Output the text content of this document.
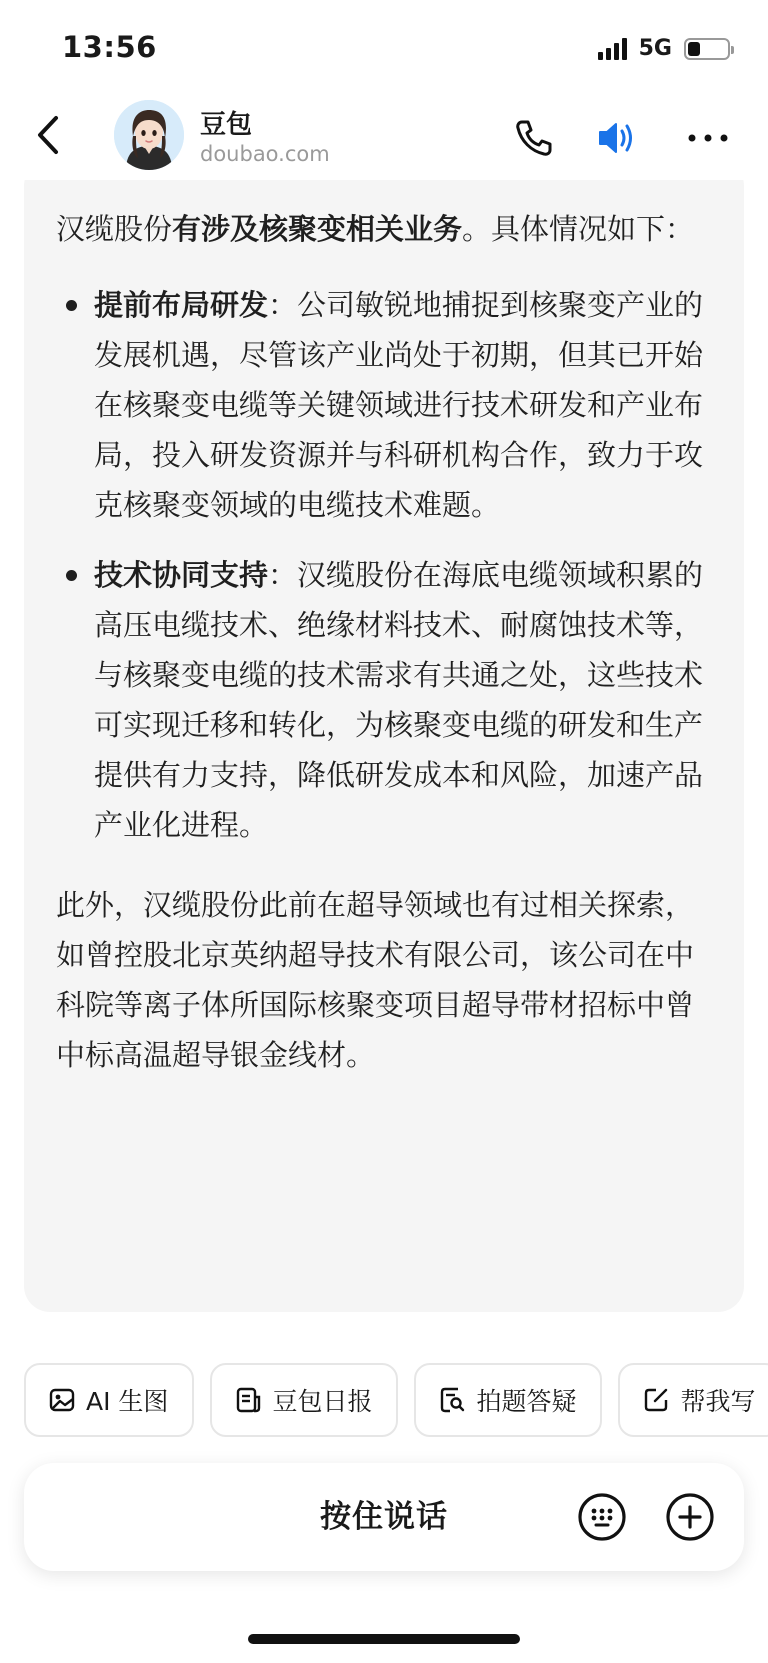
13:56	5G
豆包
doubao.com

汉缆股份有涉及核聚变相关业务。具体情况如下：

提前布局研发：公司敏锐地捕捉到核聚变产业的发展机遇，尽管该产业尚处于初期，但其已开始在核聚变电缆等关键领域进行技术研发和产业布局，投入研发资源并与科研机构合作，致力于攻克核聚变领域的电缆技术难题。
技术协同支持：汉缆股份在海底电缆领域积累的高压电缆技术、绝缘材料技术、耐腐蚀技术等，与核聚变电缆的技术需求有共通之处，这些技术可实现迁移和转化，为核聚变电缆的研发和生产提供有力支持，降低研发成本和风险，加速产品产业化进程。

此外，汉缆股份此前在超导领域也有过相关探索，如曾控股北京英纳超导技术有限公司，该公司在中科院等离子体所国际核聚变项目超导带材招标中曾中标高温超导银金线材。

AI 生图	豆包日报	拍题答疑	帮我写
按住说话
